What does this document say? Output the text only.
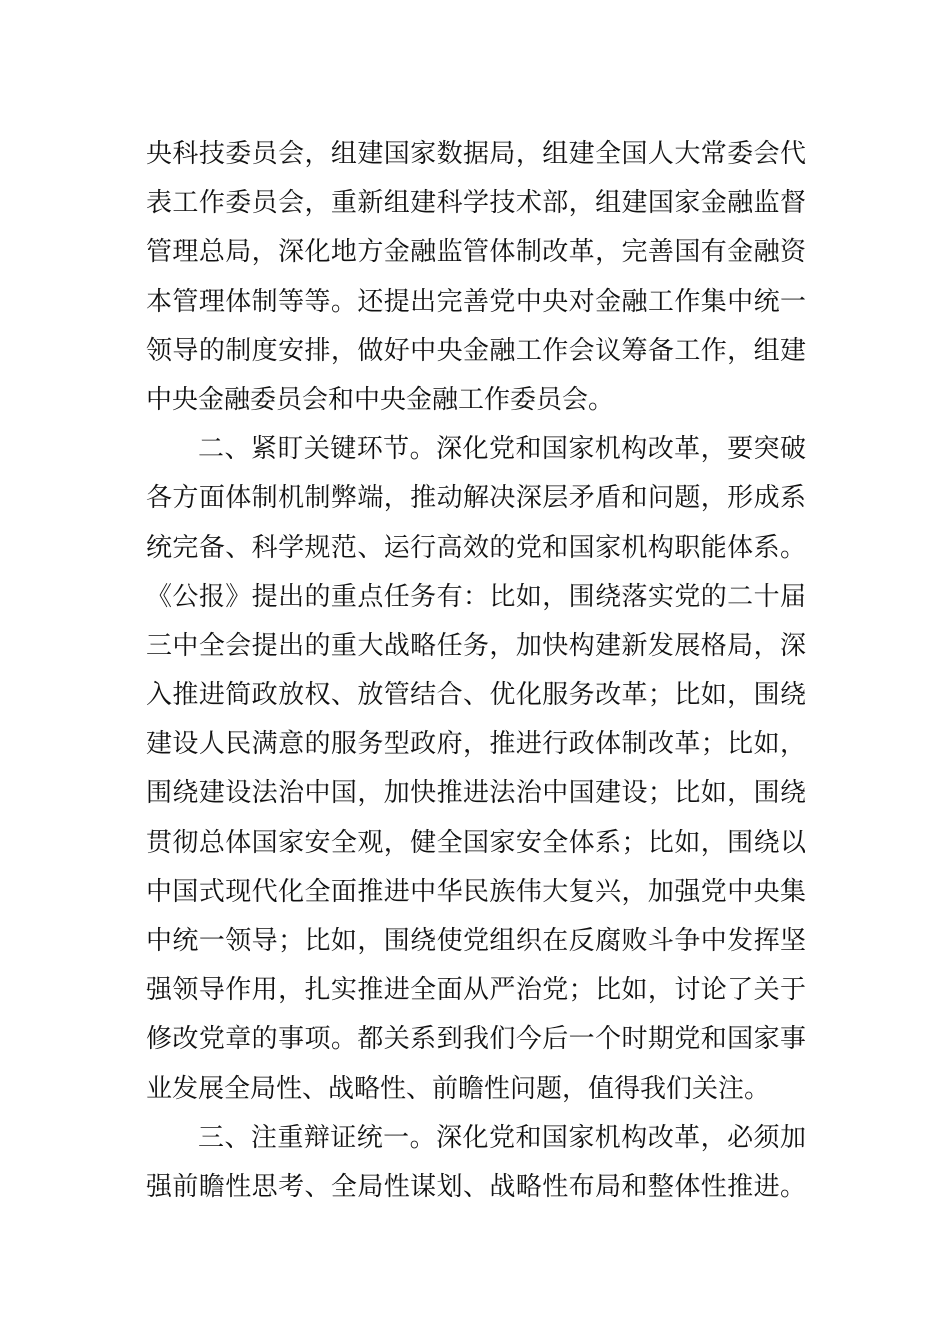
央科技委员会，组建国家数据局，组建全国人大常委会代
表工作委员会，重新组建科学技术部，组建国家金融监督
管理总局，深化地方金融监管体制改革，完善国有金融资
本管理体制等等。还提出完善党中央对金融工作集中统一
领导的制度安排，做好中央金融工作会议筹备工作，组建
中央金融委员会和中央金融工作委员会。
二、紧盯关键环节。深化党和国家机构改革，要突破
各方面体制机制弊端，推动解决深层矛盾和问题，形成系
统完备、科学规范、运行高效的党和国家机构职能体系。
《公报》提出的重点任务有：比如，围绕落实党的二十届
三中全会提出的重大战略任务，加快构建新发展格局，深
入推进简政放权、放管结合、优化服务改革；比如，围绕
建设人民满意的服务型政府，推进行政体制改革；比如，
围绕建设法治中国，加快推进法治中国建设；比如，围绕
贯彻总体国家安全观，健全国家安全体系；比如，围绕以
中国式现代化全面推进中华民族伟大复兴，加强党中央集
中统一领导；比如，围绕使党组织在反腐败斗争中发挥坚
强领导作用，扎实推进全面从严治党；比如，讨论了关于
修改党章的事项。都关系到我们今后一个时期党和国家事
业发展全局性、战略性、前瞻性问题，值得我们关注。
三、注重辩证统一。深化党和国家机构改革，必须加
强前瞻性思考、全局性谋划、战略性布局和整体性推进。
